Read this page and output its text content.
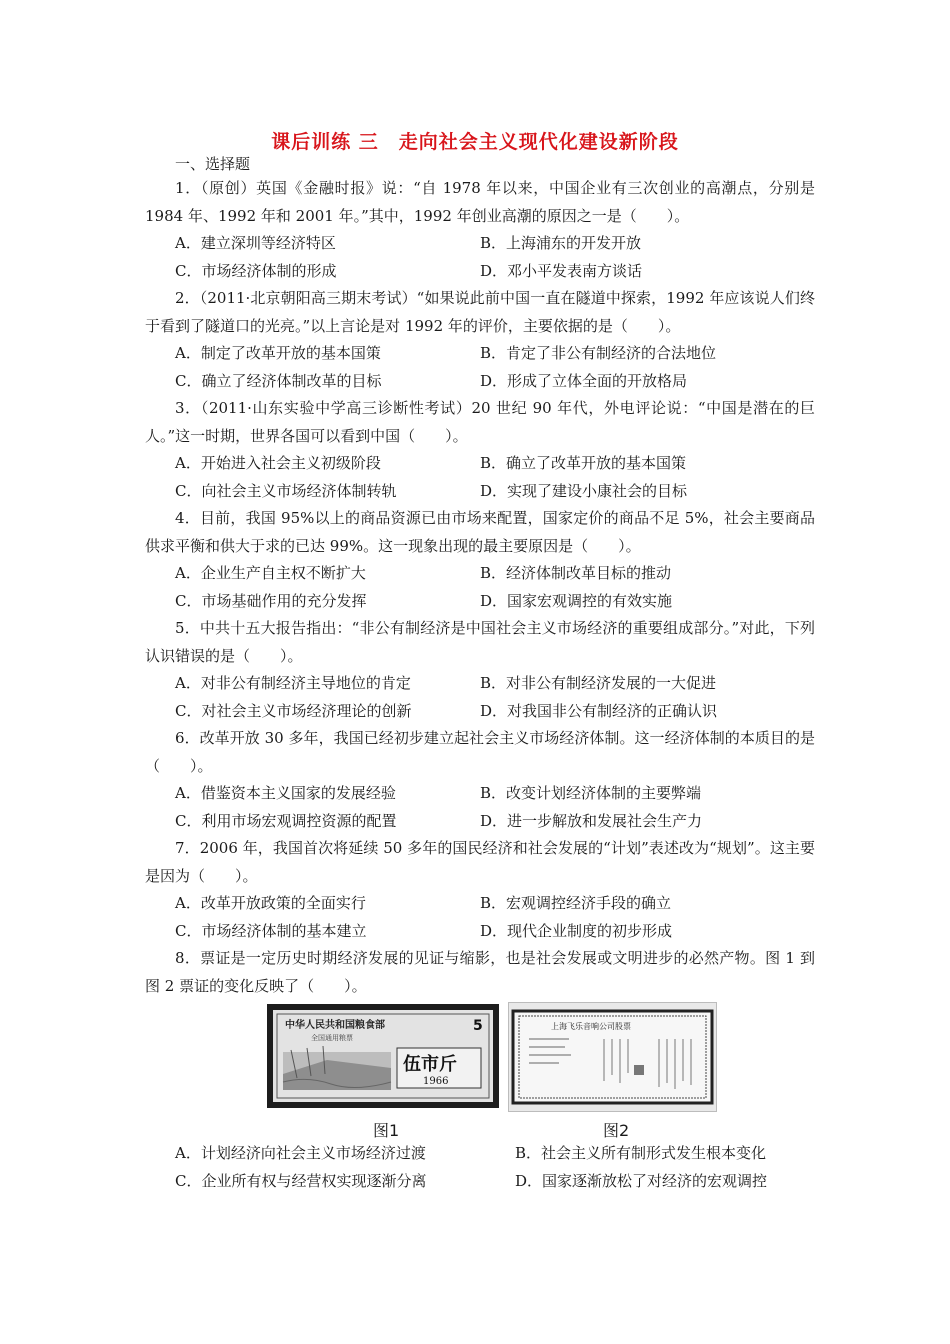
课后训练 三　走向社会主义现代化建设新阶段
一、选择题

1．（原创）英国《金融时报》说：“自 1978 年以来，中国企业有三次创业的高潮点，分别是 1984 年、1992 年和 2001 年。”其中，1992 年创业高潮的原因之一是（　　）。

A．建立深圳等经济特区	B．上海浦东的开发开放
C．市场经济体制的形成	D．邓小平发表南方谈话

2．（2011·北京朝阳高三期末考试）“如果说此前中国一直在隧道中探索，1992 年应该说人们终于看到了隧道口的光亮。”以上言论是对 1992 年的评价，主要依据的是（　　）。

A．制定了改革开放的基本国策	B．肯定了非公有制经济的合法地位
C．确立了经济体制改革的目标	D．形成了立体全面的开放格局

3．（2011·山东实验中学高三诊断性考试）20 世纪 90 年代，外电评论说：“中国是潜在的巨人。”这一时期，世界各国可以看到中国（　　）。

A．开始进入社会主义初级阶段	B．确立了改革开放的基本国策
C．向社会主义市场经济体制转轨	D．实现了建设小康社会的目标

4．目前，我国 95%以上的商品资源已由市场来配置，国家定价的商品不足 5%，社会主要商品供求平衡和供大于求的已达 99%。这一现象出现的最主要原因是（　　）。

A．企业生产自主权不断扩大	B．经济体制改革目标的推动
C．市场基础作用的充分发挥	D．国家宏观调控的有效实施

5．中共十五大报告指出：“非公有制经济是中国社会主义市场经济的重要组成部分。”对此，下列认识错误的是（　　）。

A．对非公有制经济主导地位的肯定	B．对非公有制经济发展的一大促进
C．对社会主义市场经济理论的创新	D．对我国非公有制经济的正确认识

6．改革开放 30 多年，我国已经初步建立起社会主义市场经济体制。这一经济体制的本质目的是（　　）。

A．借鉴资本主义国家的发展经验	B．改变计划经济体制的主要弊端
C．利用市场宏观调控资源的配置	D．进一步解放和发展社会生产力

7．2006 年，我国首次将延续 50 多年的国民经济和社会发展的“计划”表述改为“规划”。这主要是因为（　　）。

A．改革开放政策的全面实行	B．宏观调控经济手段的确立
C．市场经济体制的基本建立	D．现代企业制度的初步形成

8．票证是一定历史时期经济发展的见证与缩影，也是社会发展或文明进步的必然产物。图 1 到图 2 票证的变化反映了（　　）。

中华人民共和国粮食部	5
全国通用粮票
伍市斤
1966
上海飞乐音响公司股票
图1	图2
A．计划经济向社会主义市场经济过渡	B．社会主义所有制形式发生根本变化
C．企业所有权与经营权实现逐渐分离	D．国家逐渐放松了对经济的宏观调控
